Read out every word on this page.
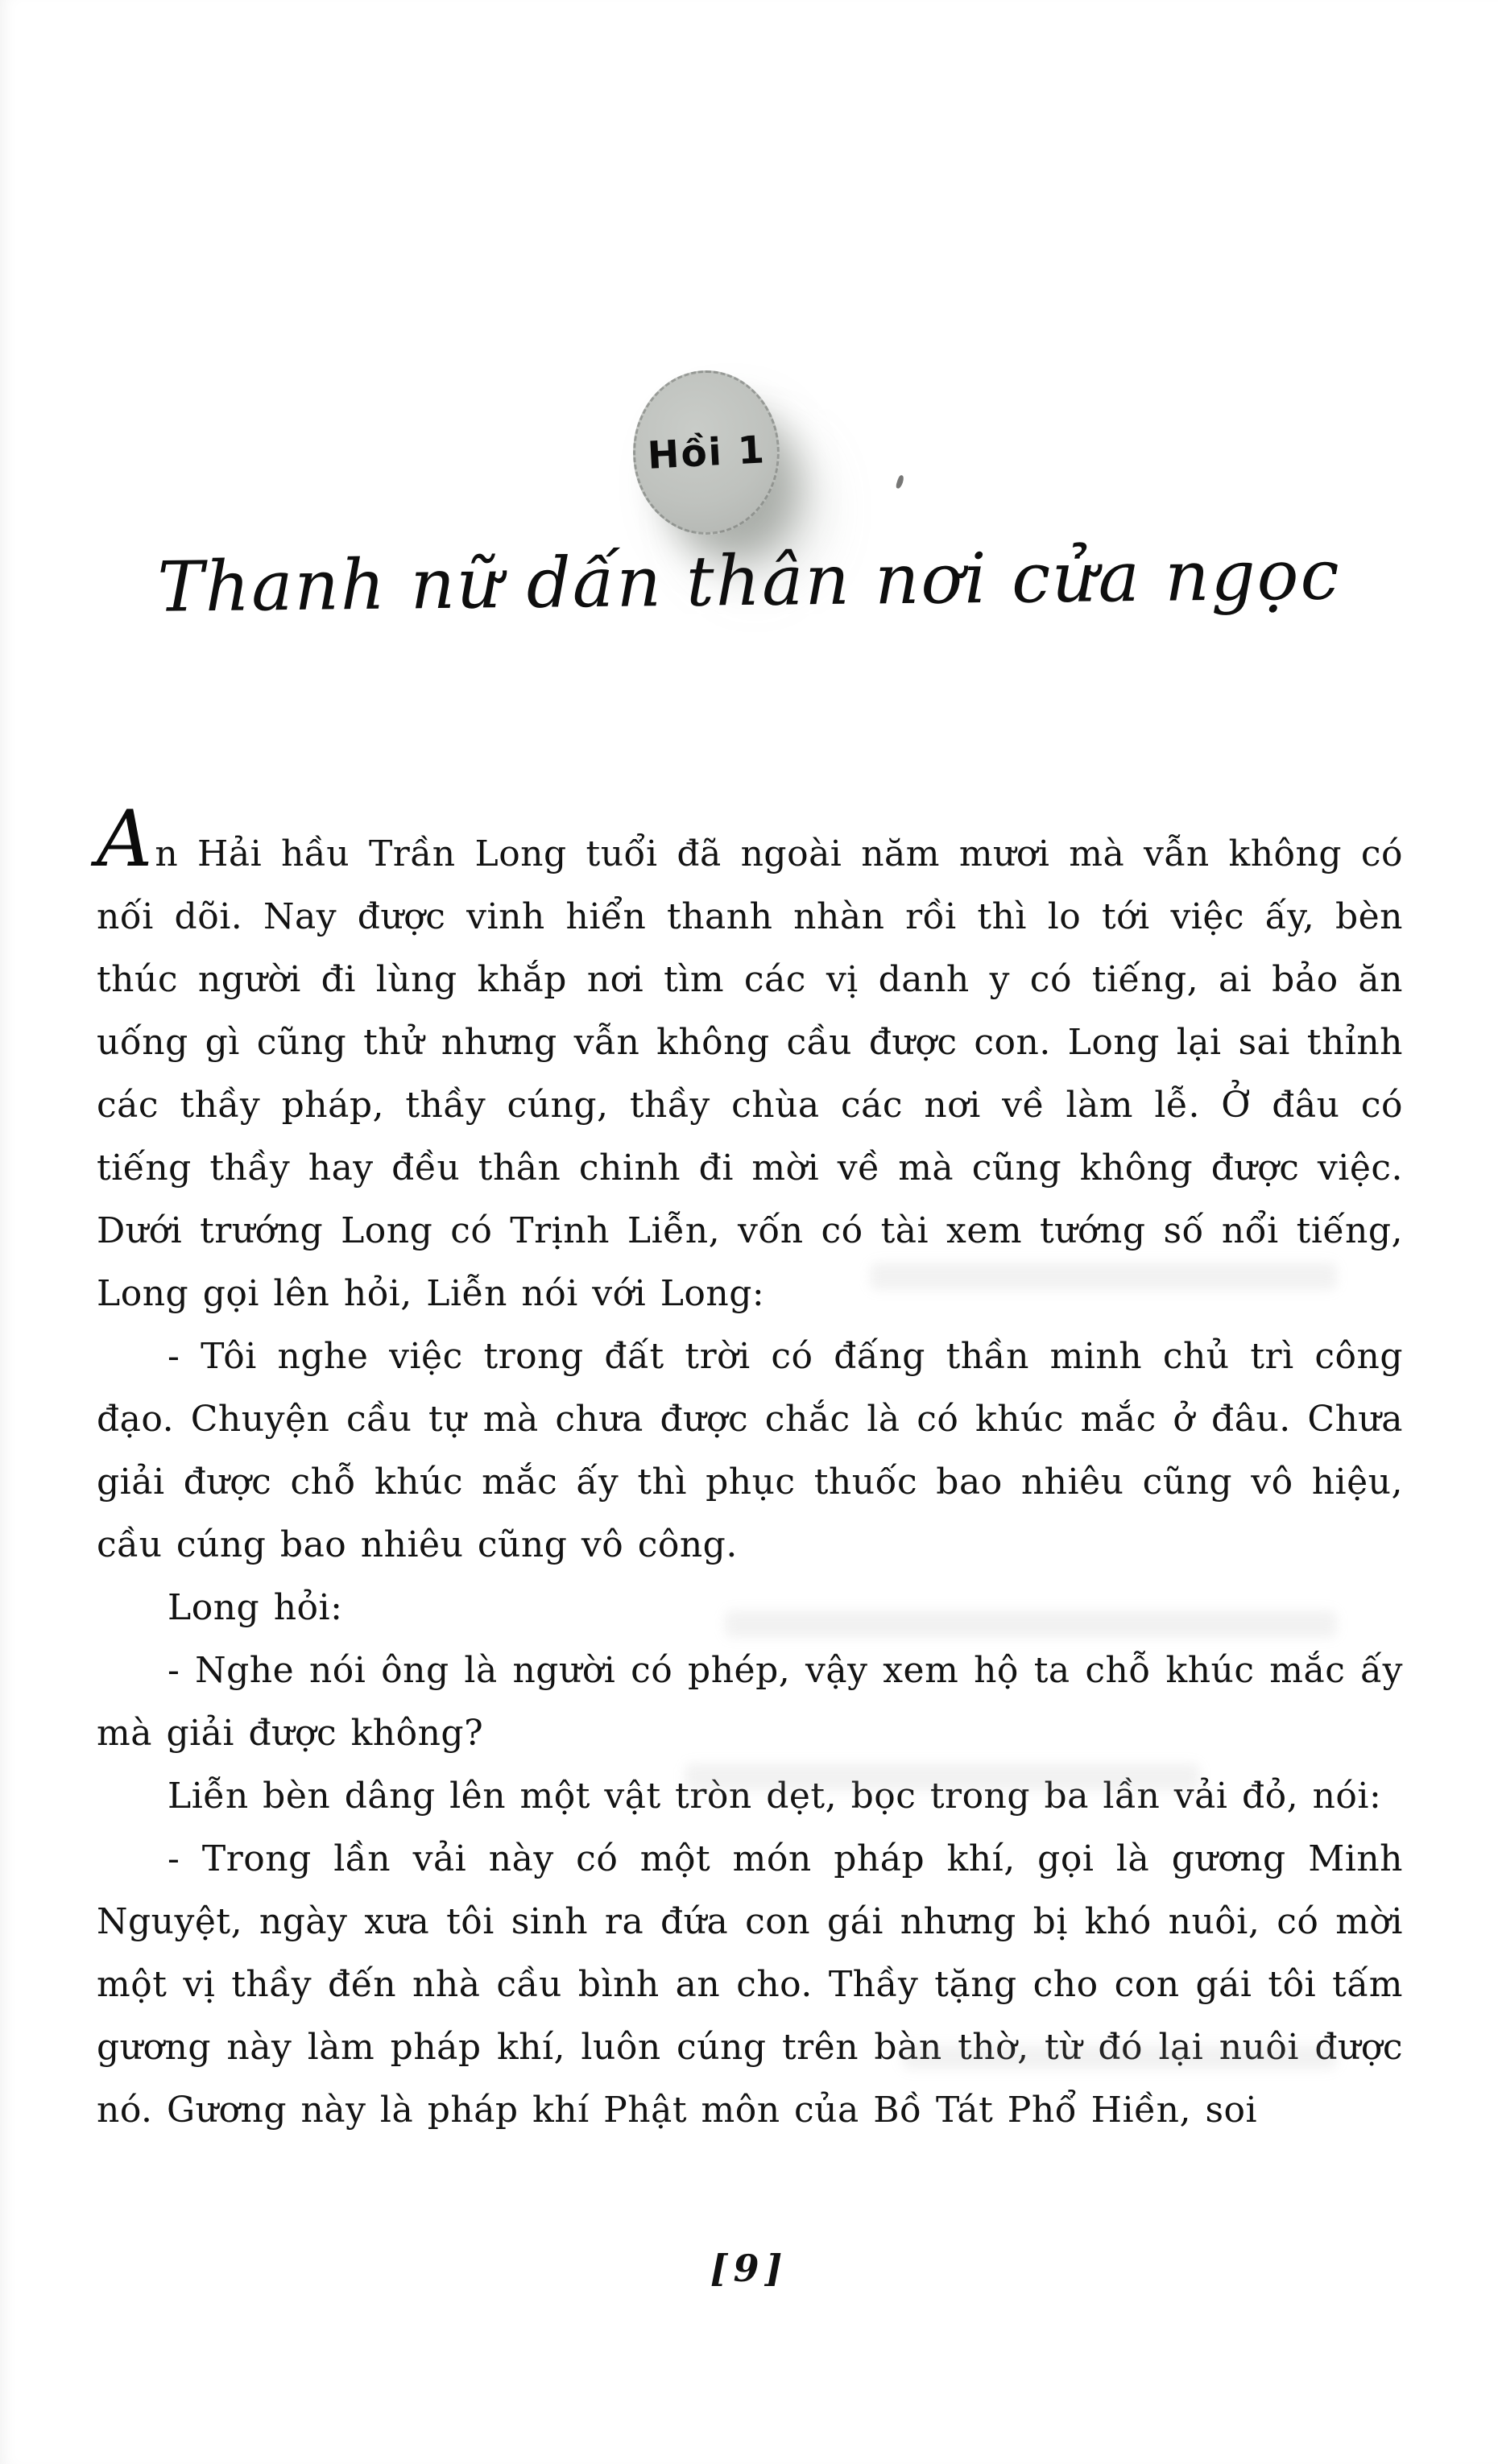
Hồi 1
Thanh nữ dấn thân nơi cửa ngọc

An Hải hầu Trần Long tuổi đã ngoài năm mươi mà vẫn không có nối dõi. Nay được vinh hiển thanh nhàn rồi thì lo tới việc ấy, bèn thúc người đi lùng khắp nơi tìm các vị danh y có tiếng, ai bảo ăn uống gì cũng thử nhưng vẫn không cầu được con. Long lại sai thỉnh các thầy pháp, thầy cúng, thầy chùa các nơi về làm lễ. Ở đâu có tiếng thầy hay đều thân chinh đi mời về mà cũng không được việc. Dưới trướng Long có Trịnh Liễn, vốn có tài xem tướng số nổi tiếng, Long gọi lên hỏi, Liễn nói với Long:

- Tôi nghe việc trong đất trời có đấng thần minh chủ trì công đạo. Chuyện cầu tự mà chưa được chắc là có khúc mắc ở đâu. Chưa giải được chỗ khúc mắc ấy thì phục thuốc bao nhiêu cũng vô hiệu, cầu cúng bao nhiêu cũng vô công.

Long hỏi:

- Nghe nói ông là người có phép, vậy xem hộ ta chỗ khúc mắc ấy mà giải được không?

Liễn bèn dâng lên một vật tròn dẹt, bọc trong ba lần vải đỏ, nói:

- Trong lần vải này có một món pháp khí, gọi là gương Minh Nguyệt, ngày xưa tôi sinh ra đứa con gái nhưng bị khó nuôi, có mời một vị thầy đến nhà cầu bình an cho. Thầy tặng cho con gái tôi tấm gương này làm pháp khí, luôn cúng trên bàn thờ, từ đó lại nuôi được nó. Gương này là pháp khí Phật môn của Bồ Tát Phổ Hiền, soi

[9]
